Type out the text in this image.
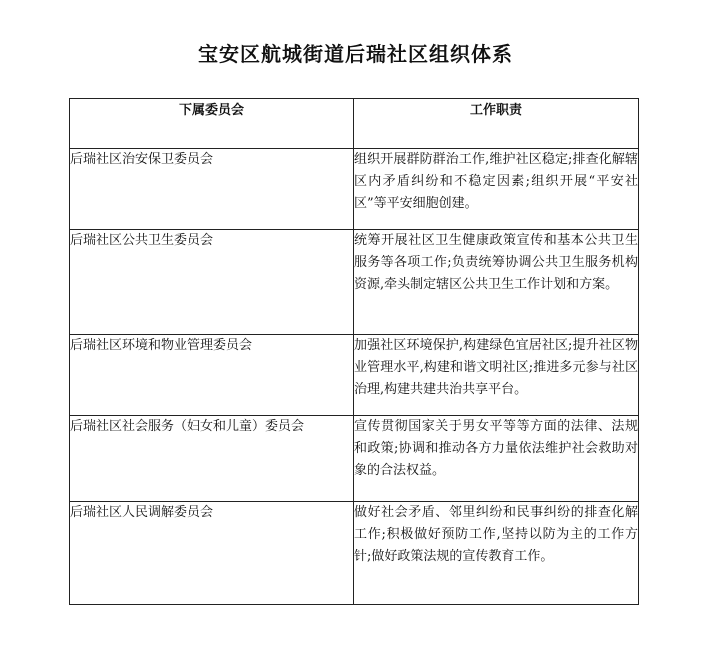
宝安区航城街道后瑞社区组织体系
下属委员会	工作职责
后瑞社区治安保卫委员会	组织开展群防群治工作,维护社区稳定;排查化解辖区内矛盾纠纷和不稳定因素;组织开展“平安社区”等平安细胞创建。
后瑞社区公共卫生委员会	统筹开展社区卫生健康政策宣传和基本公共卫生服务等各项工作;负责统筹协调公共卫生服务机构资源,牵头制定辖区公共卫生工作计划和方案。
后瑞社区环境和物业管理委员会	加强社区环境保护,构建绿色宜居社区;提升社区物业管理水平,构建和谐文明社区;推进多元参与社区治理,构建共建共治共享平台。
后瑞社区社会服务（妇女和儿童）委员会	宣传贯彻国家关于男女平等等方面的法律、法规和政策;协调和推动各方力量依法维护社会救助对象的合法权益。
后瑞社区人民调解委员会	做好社会矛盾、邻里纠纷和民事纠纷的排查化解工作;积极做好预防工作,坚持以防为主的工作方针;做好政策法规的宣传教育工作。
